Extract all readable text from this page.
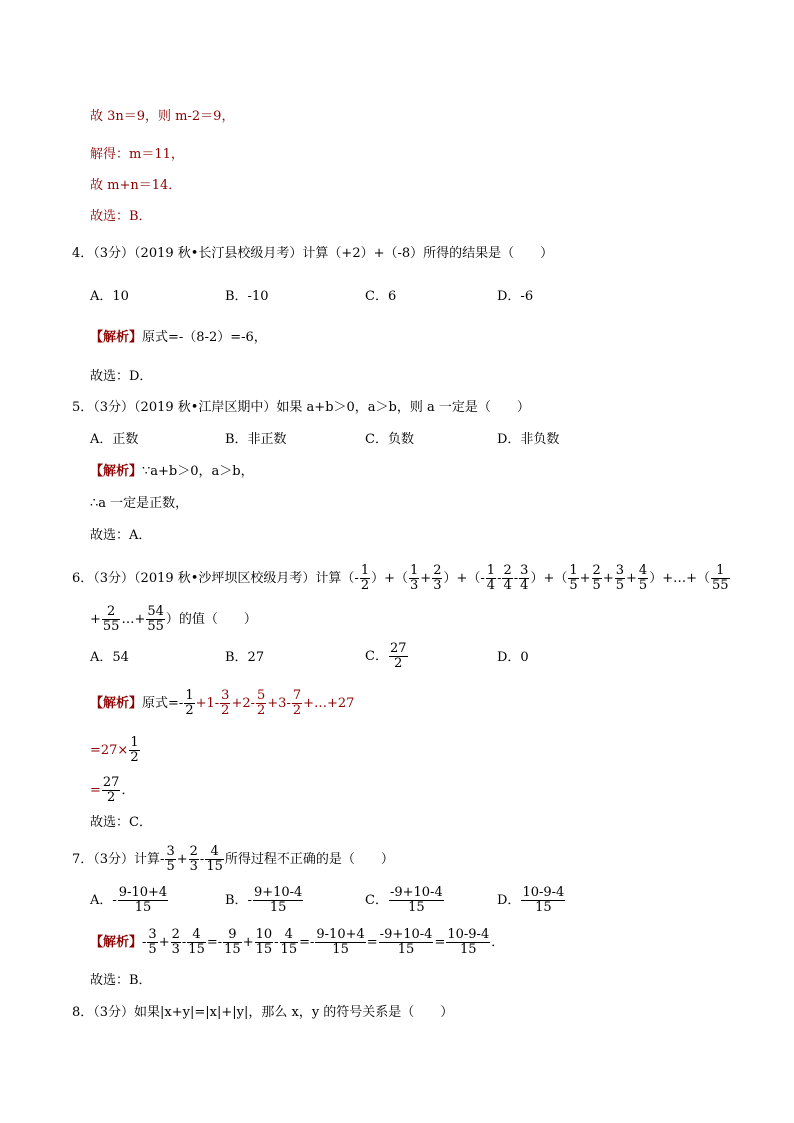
故 3n＝9，则 m-2＝9，
解得：m＝11，
故 m+n＝14．
故选：B．
4．（3分）（2019 秋•长汀县校级月考）计算（+2）+（-8）所得的结果是（　　）
A．10	B．-10	C．6	D．-6
【解析】原式=-（8-2）=-6，
故选：D．
5．（3分）（2019 秋•江岸区期中）如果 a+b＞0，a＞b，则 a 一定是（　　）
A．正数	B．非正数	C．负数	D．非负数
【解析】∵a+b＞0，a＞b，
∴a 一定是正数，
故选：A．
6．（3分）（2019 秋•沙坪坝区校级月考）计算（- $\frac{1}{2}$ ）+（ $\frac{1}{3} + \frac{2}{3}$ ）+（- $\frac{1}{4} - \frac{2}{4} - \frac{3}{4}$ ）+（ $\frac{1}{5} + \frac{2}{5} + \frac{3}{5} + \frac{4}{5}$ ）+…+（ $\frac{1}{55}$
+ $\frac{2}{55}$ …+ $\frac{54}{55}$ ）的值（　　）
A．54	B．27	C． $\frac{27}{2}$	D．0
【解析】原式=- $\frac{1}{2} +1- \frac{3}{2} +2- \frac{5}{2} +3- \frac{7}{2}$ +…+27
$=27\times \frac{1}{2}$
= $\frac{27}{2}$ ．
故选：C．
7．（3分）计算- $\frac{3}{5} + \frac{2}{3} - \frac{4}{15}$ 所得过程不正确的是（　　）
A．- $\frac{9-10+4}{15}$	B．- $\frac{9+10-4}{15}$	C． $\frac{-9+10-4}{15}$	D． $\frac{10-9-4}{15}$
【解析】- $\frac{3}{5} + \frac{2}{3} - \frac{4}{15} =- \frac{9}{15} + \frac{10}{15} - \frac{4}{15} =- \frac{9-10+4}{15} = \frac{-9+10-4}{15} = \frac{10-9-4}{15}$ ．
故选：B．
8．（3分）如果|x+y|=|x|+|y|，那么 x，y 的符号关系是（　　）
